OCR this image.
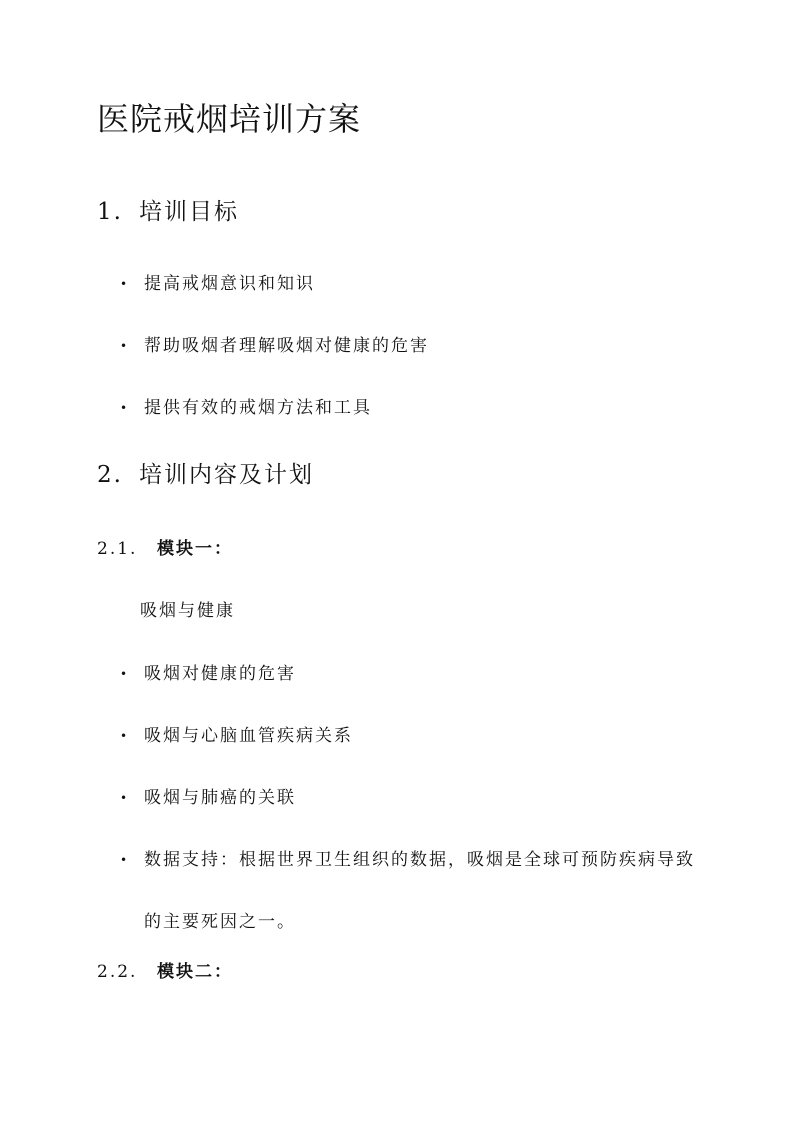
医院戒烟培训方案
1. 培训目标
• 提高戒烟意识和知识
• 帮助吸烟者理解吸烟对健康的危害
• 提供有效的戒烟方法和工具
2. 培训内容及计划
2.1. 模块一：
吸烟与健康
• 吸烟对健康的危害
• 吸烟与心脑血管疾病关系
• 吸烟与肺癌的关联
• 数据支持：根据世界卫生组织的数据，吸烟是全球可预防疾病导致的主要死因之一。
2.2. 模块二：
